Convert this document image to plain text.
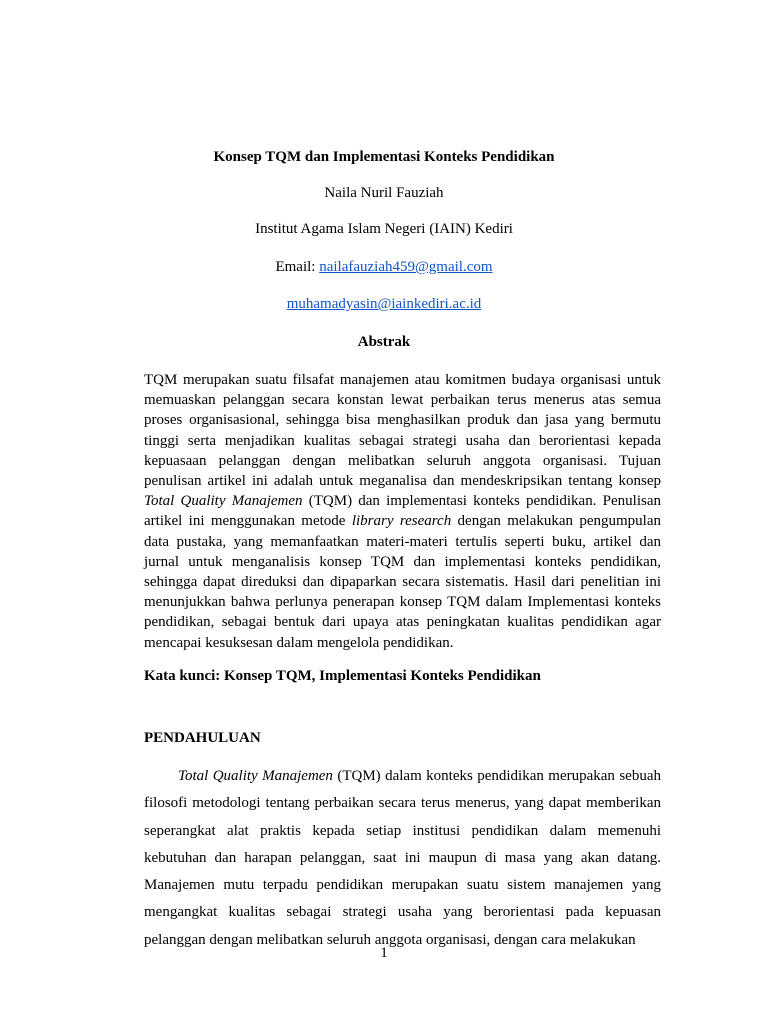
Konsep TQM dan Implementasi Konteks Pendidikan
Naila Nuril Fauziah
Institut Agama Islam Negeri (IAIN) Kediri
Email: nailafauziah459@gmail.com
muhamadyasin@iainkediri.ac.id
Abstrak
TQM merupakan suatu filsafat manajemen atau komitmen budaya organisasi untuk memuaskan pelanggan secara konstan lewat perbaikan terus menerus atas semua proses organisasional, sehingga bisa menghasilkan produk dan jasa yang bermutu tinggi serta menjadikan kualitas sebagai strategi usaha dan berorientasi kepada kepuasaan pelanggan dengan melibatkan seluruh anggota organisasi. Tujuan penulisan artikel ini adalah untuk meganalisa dan mendeskripsikan tentang konsep Total Quality Manajemen (TQM) dan implementasi konteks pendidikan. Penulisan artikel ini menggunakan metode library research dengan melakukan pengumpulan data pustaka, yang memanfaatkan materi-materi tertulis seperti buku, artikel dan jurnal untuk menganalisis konsep TQM dan implementasi konteks pendidikan, sehingga dapat direduksi dan dipaparkan secara sistematis. Hasil dari penelitian ini menunjukkan bahwa perlunya penerapan konsep TQM dalam Implementasi konteks pendidikan, sebagai bentuk dari upaya atas peningkatan kualitas pendidikan agar mencapai kesuksesan dalam mengelola pendidikan.
Kata kunci: Konsep TQM, Implementasi Konteks Pendidikan
PENDAHULUAN
Total Quality Manajemen (TQM) dalam konteks pendidikan merupakan sebuah filosofi metodologi tentang perbaikan secara terus menerus, yang dapat memberikan seperangkat alat praktis kepada setiap institusi pendidikan dalam memenuhi kebutuhan dan harapan pelanggan, saat ini maupun di masa yang akan datang. Manajemen mutu terpadu pendidikan merupakan suatu sistem manajemen yang mengangkat kualitas sebagai strategi usaha yang berorientasi pada kepuasan pelanggan dengan melibatkan seluruh anggota organisasi, dengan cara melakukan
1
